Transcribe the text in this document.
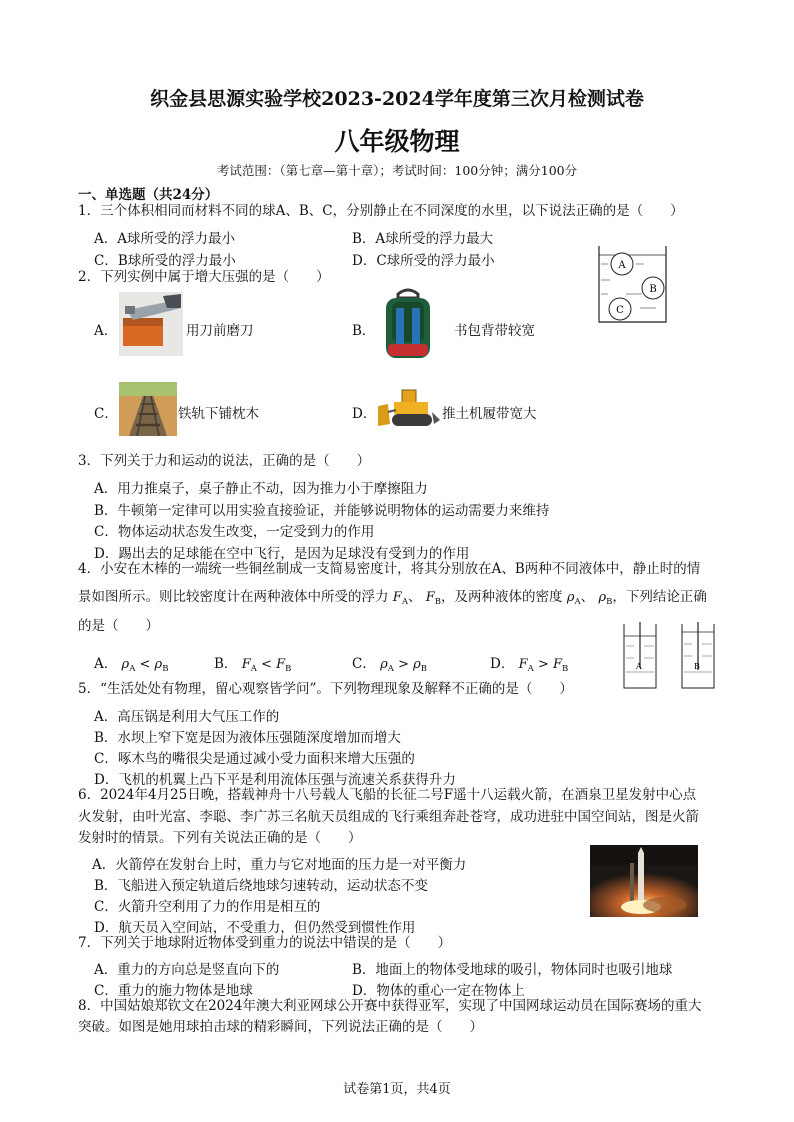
织金县思源实验学校2023-2024学年度第三次月检测试卷
八年级物理
考试范围：（第七章—第十章）；考试时间：100分钟；满分100分
一、单选题（共24分）
1．三个体积相同而材料不同的球A、B、C，分别静止在不同深度的水里，以下说法正确的是（　　）
A．A球所受的浮力最小	B．A球所受的浮力最大
C．B球所受的浮力最小	D．C球所受的浮力最小	A
B
C
2．下列实例中属于增大压强的是（　　）
A．	用刀前磨刀	B．	书包背带较宽
C．	铁轨下铺枕木	D．	推土机履带宽大
3．下列关于力和运动的说法，正确的是（　　）
A．用力推桌子，桌子静止不动，因为推力小于摩擦阻力
B．牛顿第一定律可以用实验直接验证，并能够说明物体的运动需要力来维持
C．物体运动状态发生改变，一定受到力的作用
D．踢出去的足球能在空中飞行，是因为足球没有受到力的作用
4．小安在木棒的一端统一些铜丝制成一支简易密度计，将其分别放在A、B两种不同液体中，静止时的情
景如图所示。则比较密度计在两种液体中所受的浮力 $F_A$、 $F_B$，及两种液体的密度 $\rho_A$、 $\rho_B$，下列结论正确
的是（　　）
A． $\rho_A < \rho_B$	B． $F_A < F_B$	C． $\rho_A > \rho_B$	D． $F_A > F_B$	A	B
5．“生活处处有物理，留心观察皆学问”。下列物理现象及解释不正确的是（　　）
A．高压锅是利用大气压工作的
B．水坝上窄下宽是因为液体压强随深度增加而增大
C．啄木鸟的嘴很尖是通过减小受力面积来增大压强的
D．飞机的机翼上凸下平是利用流体压强与流速关系获得升力
6．2024年4月25日晚，搭载神舟十八号载人飞船的长征二号F遥十八运载火箭，在酒泉卫星发射中心点
火发射，由叶光富、李聪、李广苏三名航天员组成的飞行乘组奔赴苍穹，成功进驻中国空间站，图是火箭
发射时的情景。下列有关说法正确的是（　　）
A．火箭停在发射台上时，重力与它对地面的压力是一对平衡力
B．飞船进入预定轨道后绕地球匀速转动，运动状态不变
C．火箭升空利用了力的作用是相互的
D．航天员入空间站，不受重力，但仍然受到惯性作用
7．下列关于地球附近物体受到重力的说法中错误的是（　　）
A．重力的方向总是竖直向下的	B．地面上的物体受地球的吸引，物体同时也吸引地球
C．重力的施力物体是地球	D．物体的重心一定在物体上
8．中国姑娘郑钦文在2024年澳大利亚网球公开赛中获得亚军，实现了中国网球运动员在国际赛场的重大
突破。如图是她用球拍击球的精彩瞬间，下列说法正确的是（　　）
试卷第1页，共4页
